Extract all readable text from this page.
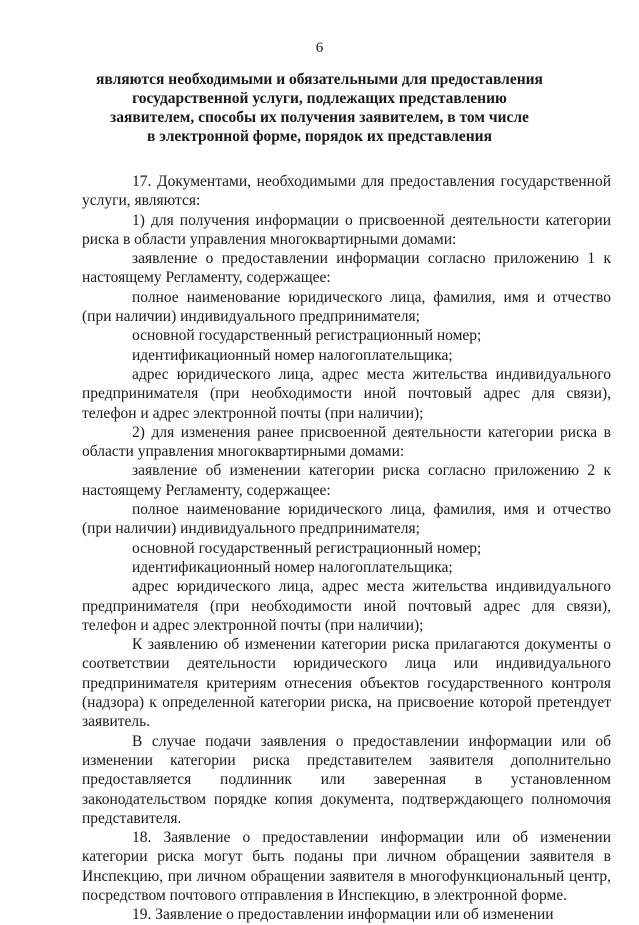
6
являются необходимыми и обязательными для предоставления
государственной услуги, подлежащих представлению
заявителем, способы их получения заявителем, в том числе
в электронной форме, порядок их представления

17. Документами, необходимыми для предоставления государственной услуги, являются:

1) для получения информации о присвоенной деятельности категории риска в области управления многоквартирными домами:

заявление о предоставлении информации согласно приложению 1 к настоящему Регламенту, содержащее:

полное наименование юридического лица, фамилия, имя и отчество (при наличии) индивидуального предпринимателя;

основной государственный регистрационный номер;

идентификационный номер налогоплательщика;

адрес юридического лица, адрес места жительства индивидуального предпринимателя (при необходимости иной почтовый адрес для связи), телефон и адрес электронной почты (при наличии);

2) для изменения ранее присвоенной деятельности категории риска в области управления многоквартирными домами:

заявление об изменении категории риска согласно приложению 2 к настоящему Регламенту, содержащее:

полное наименование юридического лица, фамилия, имя и отчество (при наличии) индивидуального предпринимателя;

основной государственный регистрационный номер;

идентификационный номер налогоплательщика;

адрес юридического лица, адрес места жительства индивидуального предпринимателя (при необходимости иной почтовый адрес для связи), телефон и адрес электронной почты (при наличии);

К заявлению об изменении категории риска прилагаются документы о соответствии деятельности юридического лица или индивидуального предпринимателя критериям отнесения объектов государственного контроля (надзора) к определенной категории риска, на присвоение которой претендует заявитель.

В случае подачи заявления о предоставлении информации или об изменении категории риска представителем заявителя дополнительно предоставляется подлинник или заверенная в установленном законодательством порядке копия документа, подтверждающего полномочия представителя.

18. Заявление о предоставлении информации или об изменении категории риска могут быть поданы при личном обращении заявителя в Инспекцию, при личном обращении заявителя в многофункциональный центр, посредством почтового отправления в Инспекцию, в электронной форме.

19. Заявление о предоставлении информации или об изменении
